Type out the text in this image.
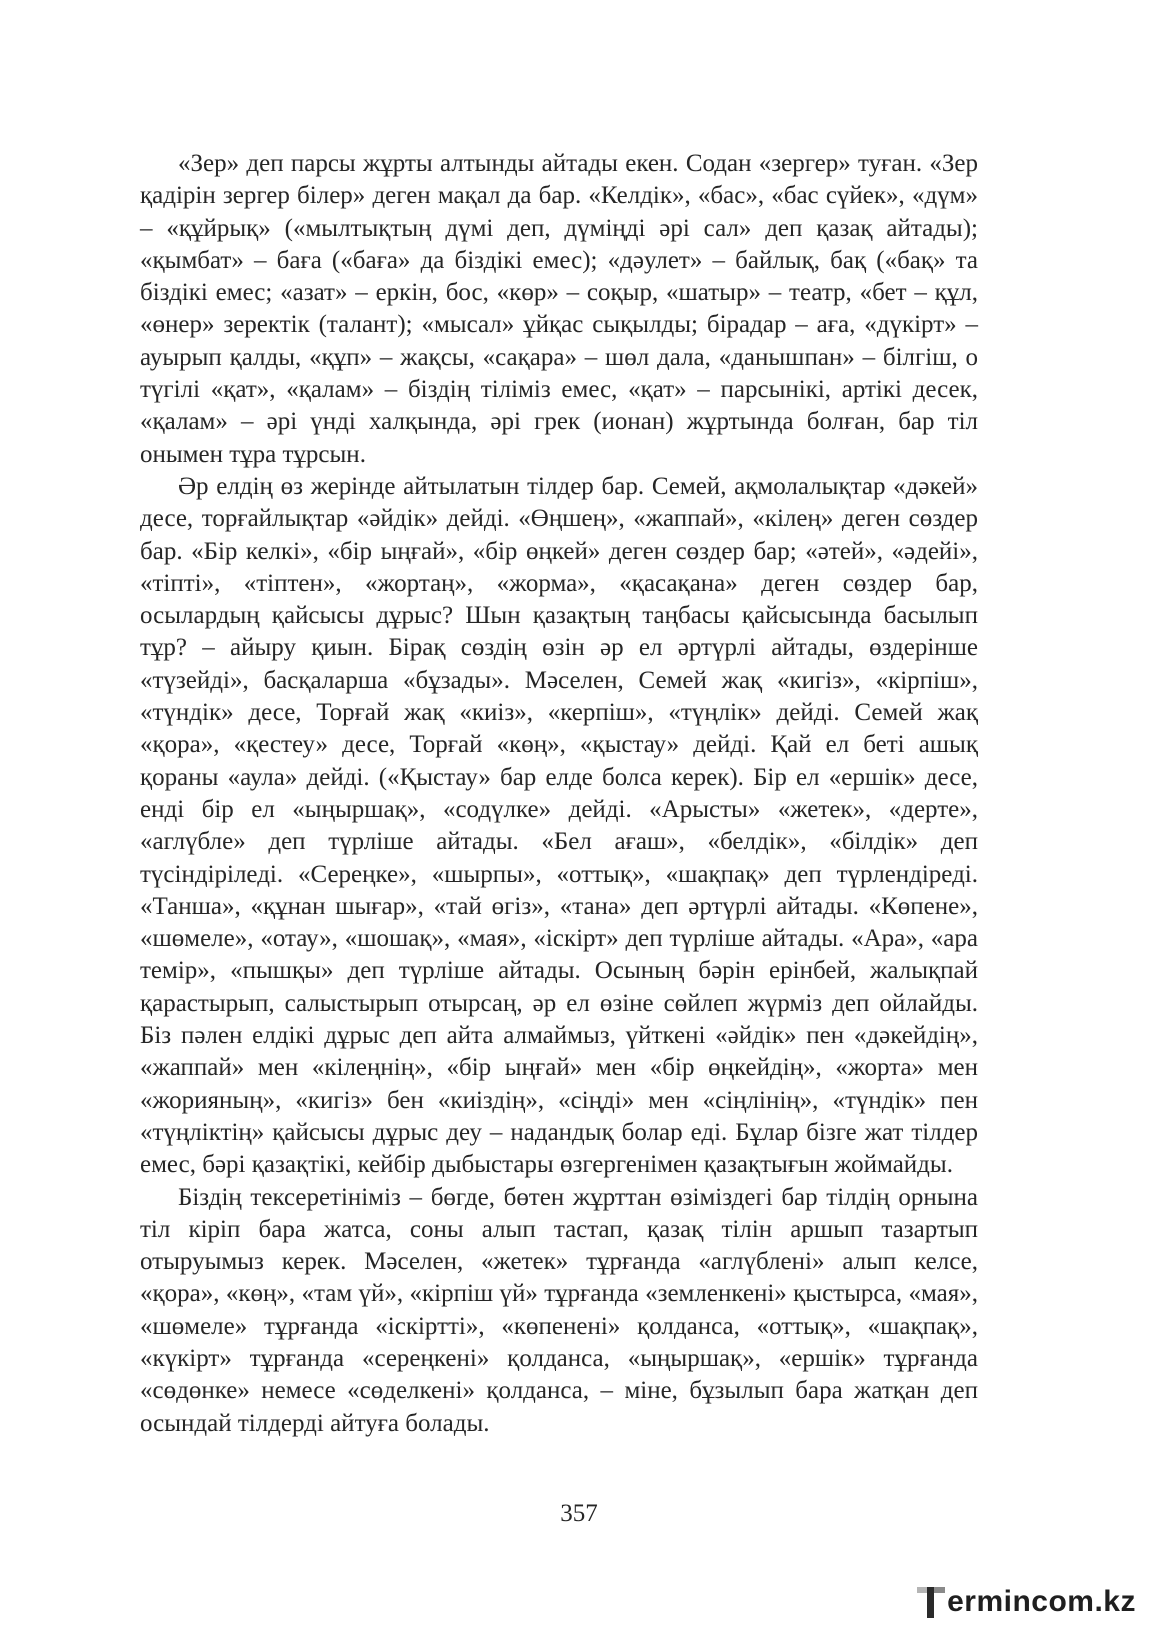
«Зер» деп парсы жұрты алтынды айтады екен. Содан «зергер» туған. «Зер қадірін зергер білер» деген мақал да бар. «Келдік», «бас», «бас сүйек», «дүм» – «құйрық» («мылтықтың дүмі деп, дүміңді әрі сал» деп қазақ айтады); «қымбат» – баға («баға» да біздікі емес); «дәулет» – байлық, бақ («бақ» та біздікі емес; «азат» – еркін, бос, «көр» – соқыр, «шатыр» – театр, «бет – құл, «өнер» зеректік (талант); «мысал» ұйқас сықылды; бірадар – аға, «дүкірт» – ауырып қалды, «құп» – жақсы, «сақара» – шөл дала, «данышпан» – білгіш, о түгілі «қат», «қалам» – біздің тіліміз емес, «қат» – парсынікі, артікі десек, «қалам» – әрі үнді халқында, әрі грек (ионан) жұртында болған, бар тіл онымен тұра тұрсын.

Әр елдің өз жерінде айтылатын тілдер бар. Семей, ақмолалықтар «дәкей» десе, торғайлықтар «әйдік» дейді. «Өңшең», «жаппай», «кілең» деген сөздер бар. «Бір келкі», «бір ыңғай», «бір өңкей» деген сөздер бар; «әтей», «әдейі», «тіпті», «тіптен», «жортаң», «жорма», «қасақана» деген сөздер бар, осылардың қайсысы дұрыс? Шын қазақтың таңбасы қайсысында басылып тұр? – айыру қиын. Бірақ сөздің өзін әр ел әртүрлі айтады, өздерінше «түзейді», басқаларша «бұзады». Мәселен, Семей жақ «кигіз», «кірпіш», «түндік» десе, Торғай жақ «киіз», «керпіш», «түңлік» дейді. Семей жақ «қора», «қестеу» десе, Торғай «көң», «қыстау» дейді. Қай ел беті ашық қораны «аула» дейді. («Қыстау» бар елде болса керек). Бір ел «ершік» десе, енді бір ел «ыңыршақ», «содүлке» дейді. «Арысты» «жетек», «дерте», «аглүбле» деп түрліше айтады. «Бел ағаш», «белдік», «білдік» деп түсіндіріледі. «Сереңке», «шырпы», «оттық», «шақпақ» деп түрлендіреді. «Танша», «құнан шығар», «тай өгіз», «тана» деп әртүрлі айтады. «Көпене», «шөмеле», «отау», «шошақ», «мая», «іскірт» деп түрліше айтады. «Ара», «ара темір», «пышқы» деп түрліше айтады. Осының бәрін ерінбей, жалықпай қарастырып, салыстырып отырсаң, әр ел өзіне сөйлеп жүрміз деп ойлайды. Біз пәлен елдікі дұрыс деп айта алмаймыз, үйткені «әйдік» пен «дәкейдің», «жаппай» мен «кілеңнің», «бір ыңғай» мен «бір өңкейдің», «жорта» мен «жорияның», «кигіз» бен «киіздің», «сіңді» мен «сіңлінің», «түндік» пен «түңліктің» қайсысы дұрыс деу – надандық болар еді. Бұлар бізге жат тілдер емес, бәрі қазақтікі, кейбір дыбыстары өзгергенімен қазақтығын жоймайды.

Біздің тексеретініміз – бөгде, бөтен жұрттан өзіміздегі бар тілдің орнына тіл кіріп бара жатса, соны алып тастап, қазақ тілін аршып тазартып отыруымыз керек. Мәселен, «жетек» тұрғанда «аглүблені» алып келсе, «қора», «көң», «там үй», «кірпіш үй» тұрғанда «земленкені» қыстырса, «мая», «шөмеле» тұрғанда «іскіртті», «көпенені» қолданса, «оттық», «шақпақ», «күкірт» тұрғанда «сереңкені» қолданса, «ыңыршақ», «ершік» тұрғанда «сөдөнке» немесе «сөделкені» қолданса, – міне, бұзылып бара жатқан деп осындай тілдерді айтуға болады.

357
ermincom.kz
